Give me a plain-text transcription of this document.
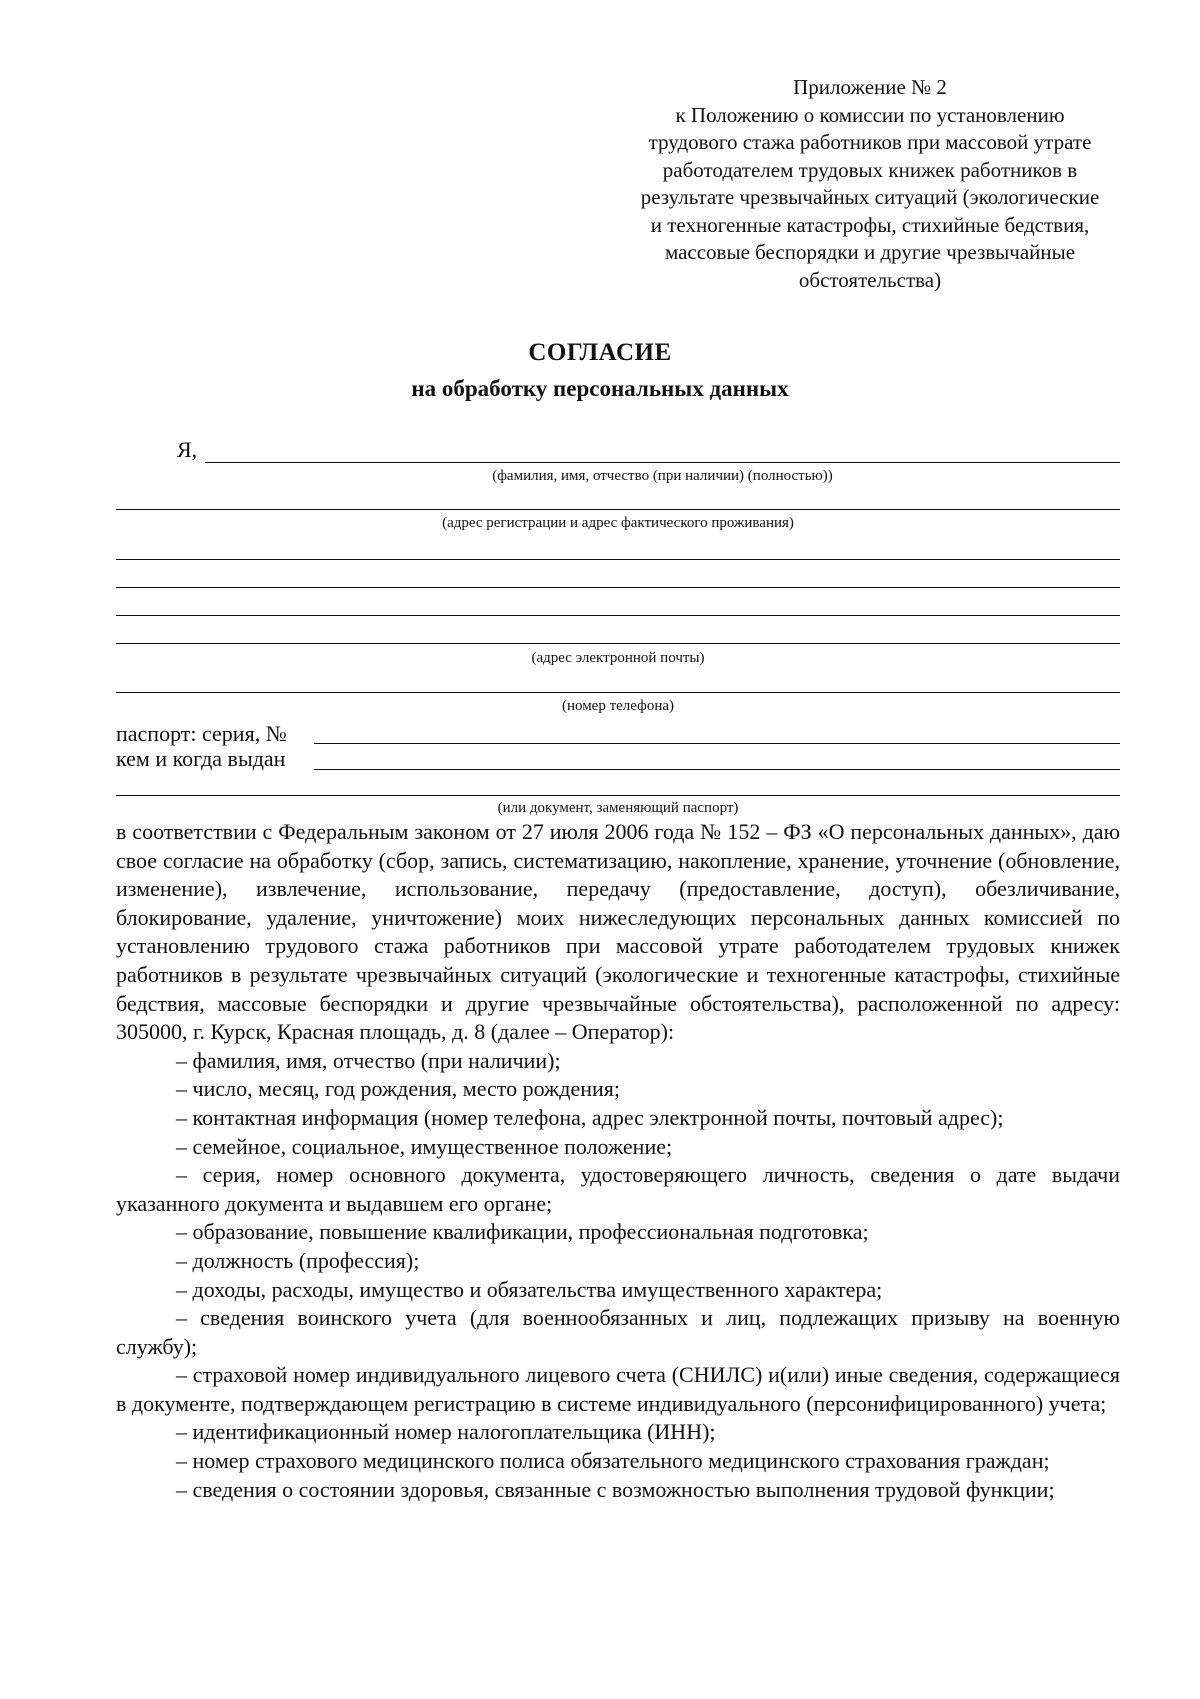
Приложение № 2
к Положению о комиссии по установлению
трудового стажа работников при массовой утрате
работодателем трудовых книжек работников в
результате чрезвычайных ситуаций (экологические
и техногенные катастрофы, стихийные бедствия,
массовые беспорядки и другие чрезвычайные
обстоятельства)
СОГЛАСИЕ
на обработку персональных данных
Я,
(фамилия, имя, отчество (при наличии) (полностью))
(адрес регистрации и адрес фактического проживания)
(адрес электронной почты)
(номер телефона)
паспорт: серия, №
кем и когда выдан
(или документ, заменяющий паспорт)

в соответствии с Федеральным законом от 27 июля 2006 года № 152 – ФЗ «О персональных данных», даю свое согласие на обработку (сбор, запись, систематизацию, накопление, хранение, уточнение (обновление, изменение), извлечение, использование, передачу (предоставление, доступ), обезличивание, блокирование, удаление, уничтожение) моих нижеследующих персональных данных комиссией по установлению трудового стажа работников при массовой утрате работодателем трудовых книжек работников в результате чрезвычайных ситуаций (экологические и техногенные катастрофы, стихийные бедствия, массовые беспорядки и другие чрезвычайные обстоятельства), расположенной по адресу: 305000, г. Курск, Красная площадь, д. 8 (далее – Оператор):

– фамилия, имя, отчество (при наличии);

– число, месяц, год рождения, место рождения;

– контактная информация (номер телефона, адрес электронной почты, почтовый адрес);

– семейное, социальное, имущественное положение;

– серия, номер основного документа, удостоверяющего личность, сведения о дате выдачи указанного документа и выдавшем его органе;

– образование, повышение квалификации, профессиональная подготовка;

– должность (профессия);

– доходы, расходы, имущество и обязательства имущественного характера;

– сведения воинского учета (для военнообязанных и лиц, подлежащих призыву на военную службу);

– страховой номер индивидуального лицевого счета (СНИЛС) и(или) иные сведения, содержащиеся в документе, подтверждающем регистрацию в системе индивидуального (персонифицированного) учета;

– идентификационный номер налогоплательщика (ИНН);

– номер страхового медицинского полиса обязательного медицинского страхования граждан;

– сведения о состоянии здоровья, связанные с возможностью выполнения трудовой функции;
